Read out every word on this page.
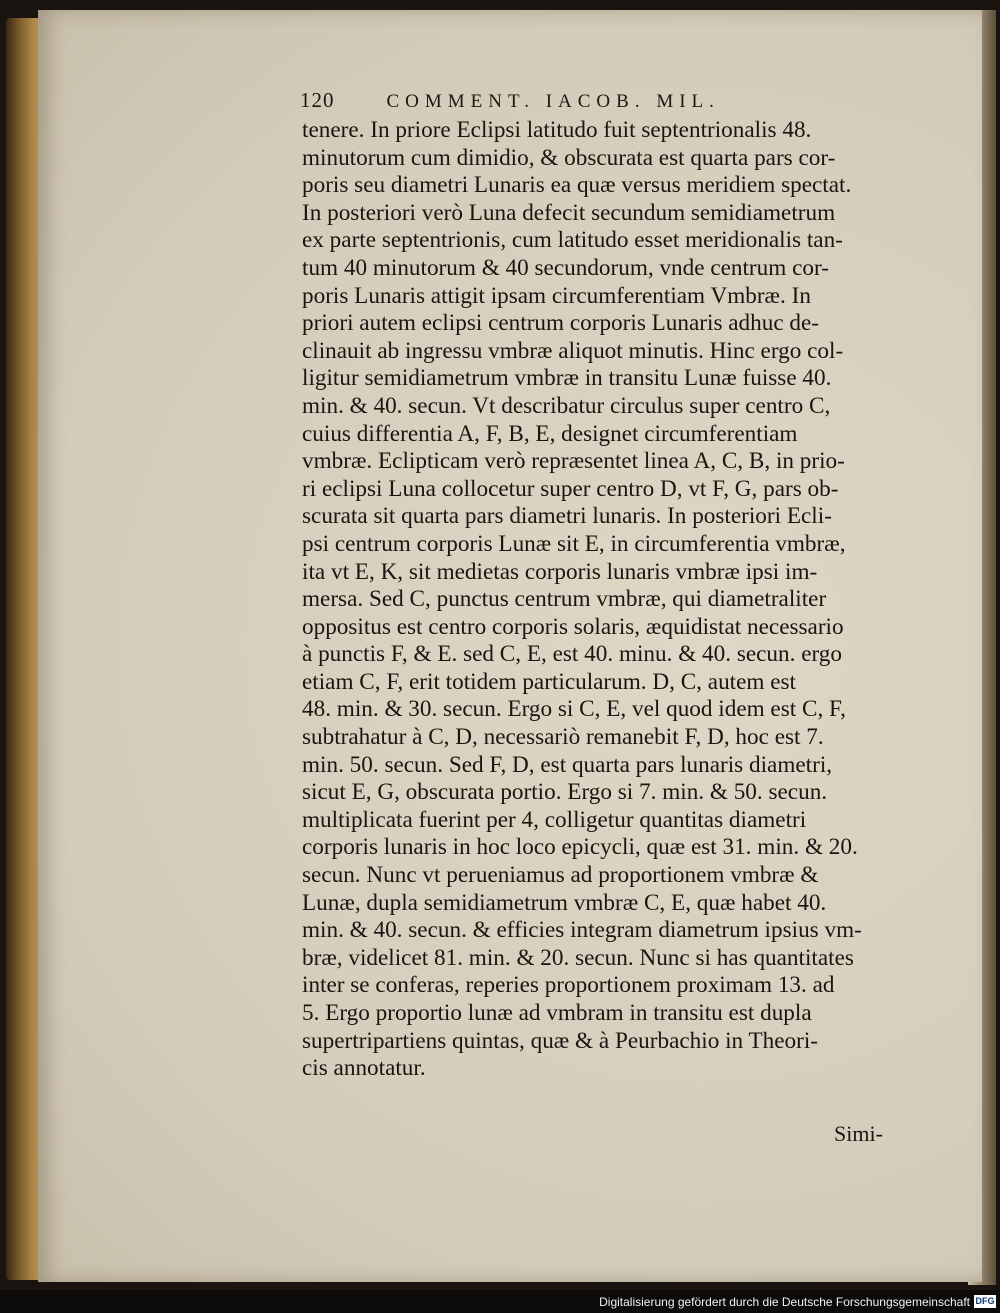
120	COMMENT. IACOB. MIL.
tenere. In priore Eclipsi latitudo fuit septentrionalis 48.
minutorum cum dimidio, & obscurata est quarta pars cor-
poris seu diametri Lunaris ea quæ versus meridiem spectat.
In posteriori verò Luna defecit secundum semidiametrum
ex parte septentrionis, cum latitudo esset meridionalis tan-
tum 40 minutorum & 40 secundorum, vnde centrum cor-
poris Lunaris attigit ipsam circumferentiam Vmbræ. In
priori autem eclipsi centrum corporis Lunaris adhuc de-
clinauit ab ingressu vmbræ aliquot minutis. Hinc ergo col-
ligitur semidiametrum vmbræ in transitu Lunæ fuisse 40.
min. & 40. secun. Vt describatur circulus super centro C,
cuius differentia A, F, B, E, designet circumferentiam
vmbræ. Eclipticam verò repræsentet linea A, C, B, in prio-
ri eclipsi Luna collocetur super centro D, vt F, G, pars ob-
scurata sit quarta pars diametri lunaris. In posteriori Ecli-
psi centrum corporis Lunæ sit E, in circumferentia vmbræ,
ita vt E, K, sit medietas corporis lunaris vmbræ ipsi im-
mersa. Sed C, punctus centrum vmbræ, qui diametraliter
oppositus est centro corporis solaris, æquidistat necessario
à punctis F, & E. sed C, E, est 40. minu. & 40. secun. ergo
etiam C, F, erit totidem particularum. D, C, autem est
48. min. & 30. secun. Ergo si C, E, vel quod idem est C, F,
subtrahatur à C, D, necessariò remanebit F, D, hoc est 7.
min. 50. secun. Sed F, D, est quarta pars lunaris diametri,
sicut E, G, obscurata portio. Ergo si 7. min. & 50. secun.
multiplicata fuerint per 4, colligetur quantitas diametri
corporis lunaris in hoc loco epicycli, quæ est 31. min. & 20.
secun. Nunc vt perueniamus ad proportionem vmbræ &
Lunæ, dupla semidiametrum vmbræ C, E, quæ habet 40.
min. & 40. secun. & efficies integram diametrum ipsius vm-
bræ, videlicet 81. min. & 20. secun. Nunc si has quantitates
inter se conferas, reperies proportionem proximam 13. ad
5. Ergo proportio lunæ ad vmbram in transitu est dupla
supertripartiens quintas, quæ & à Peurbachio in Theori-
cis annotatur.
Simi-
Digitalisierung gefördert durch die Deutsche Forschungsgemeinschaft DFG
